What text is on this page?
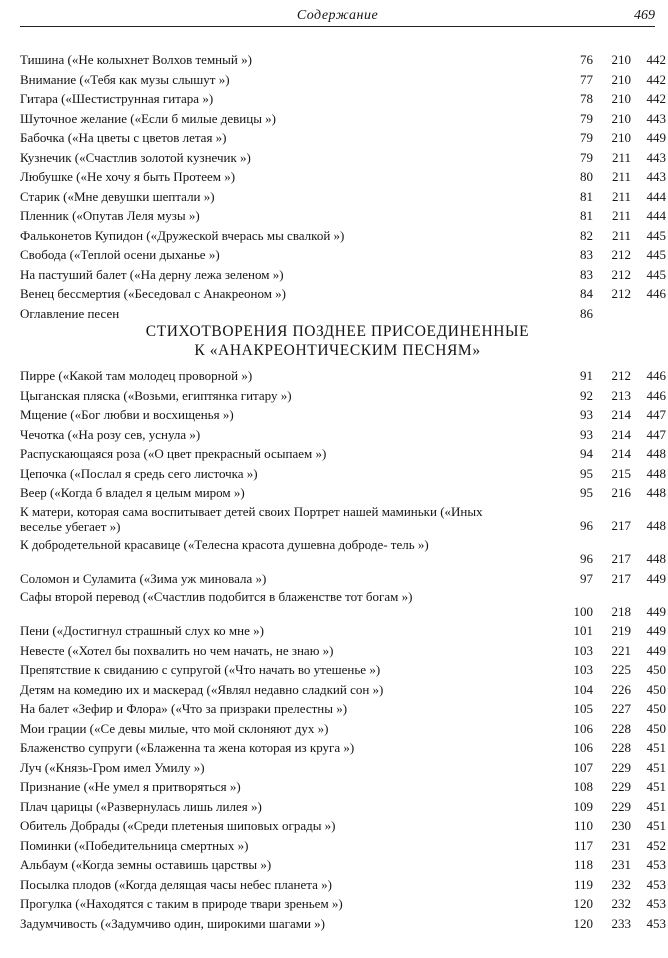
Содержание	469
Тишина («Не колыхнет Волхов темный »)	76	210	442
Внимание («Тебя как музы слышут »)	77	210	442
Гитара («Шестиструнная гитара »)	78	210	442
Шуточное желание («Если б милые девицы »)	79	210	443
Бабочка («На цветы с цветов летая »)	79	210	449
Кузнечик («Счастлив золотой кузнечик »)	79	211	443
Любушке («Не хочу я быть Протеем »)	80	211	443
Старик («Мне девушки шептали »)	81	211	444
Пленник («Опутав Леля музы »)	81	211	444
Фальконетов Купидон («Дружеской вчерась мы свалкой »)	82	211	445
Свобода («Теплой осени дыханье »)	83	212	445
На пастуший балет («На дерну лежа зеленом »)	83	212	445
Венец бессмертия («Беседовал с Анакреоном »)	84	212	446
Оглавление песен	86
СТИХОТВОРЕНИЯ ПОЗДНЕЕ ПРИСОЕДИНЕННЫЕ
К «АНАКРЕОНТИЧЕСКИМ ПЕСНЯМ»
Пирре («Какой там молодец проворной »)	91	212	446
Цыганская пляска («Возьми, египтянка гитару »)	92	213	446
Мщение («Бог любви и восхищенья »)	93	214	447
Чечотка («На розу сев, уснула »)	93	214	447
Распускающаяся роза («О цвет прекрасный осыпаем »)	94	214	448
Цепочка («Послал я средь сего листочка »)	95	215	448
Веер («Когда б владел я целым миром »)	95	216	448
К матери, которая сама воспитывает детей своих Портрет нашей маминьки («Иных веселье убегает »)	96	217	448
К добродетельной красавице («Телесна красота душевна доброде- тель »)
96	217	448
Соломон и Суламита («Зима уж миновала »)	97	217	449
Сафы второй перевод («Счастлив подобится в блаженстве тот богам »)
100	218	449
Пени («Достигнул страшный слух ко мне »)	101	219	449
Невесте («Хотел бы похвалить но чем начать, не знаю »)	103	221	449
Препятствие к свиданию с супругой («Что начать во утешенье »)	103	225	450
Детям на комедию их и маскерад («Являл недавно сладкий сон »)	104	226	450
На балет «Зефир и Флора» («Что за призраки прелестны »)	105	227	450
Мои грации («Се девы милые, что мой склоняют дух »)	106	228	450
Блаженство супруги («Блаженна та жена которая из круга »)	106	228	451
Луч («Князь-Гром имел Умилу »)	107	229	451
Признание («Не умел я притворяться »)	108	229	451
Плач царицы («Развернулась лишь лилея »)	109	229	451
Обитель Добрады («Среди плетеныя шиповых ограды »)	110	230	451
Поминки («Победительница смертных »)	117	231	452
Альбаум («Когда земны оставишь царствы »)	118	231	453
Посылка плодов («Когда делящая часы небес планета »)	119	232	453
Прогулка («Находятся с таким в природе твари зреньем »)	120	232	453
Задумчивость («Задумчиво один, широкими шагами »)	120	233	453
